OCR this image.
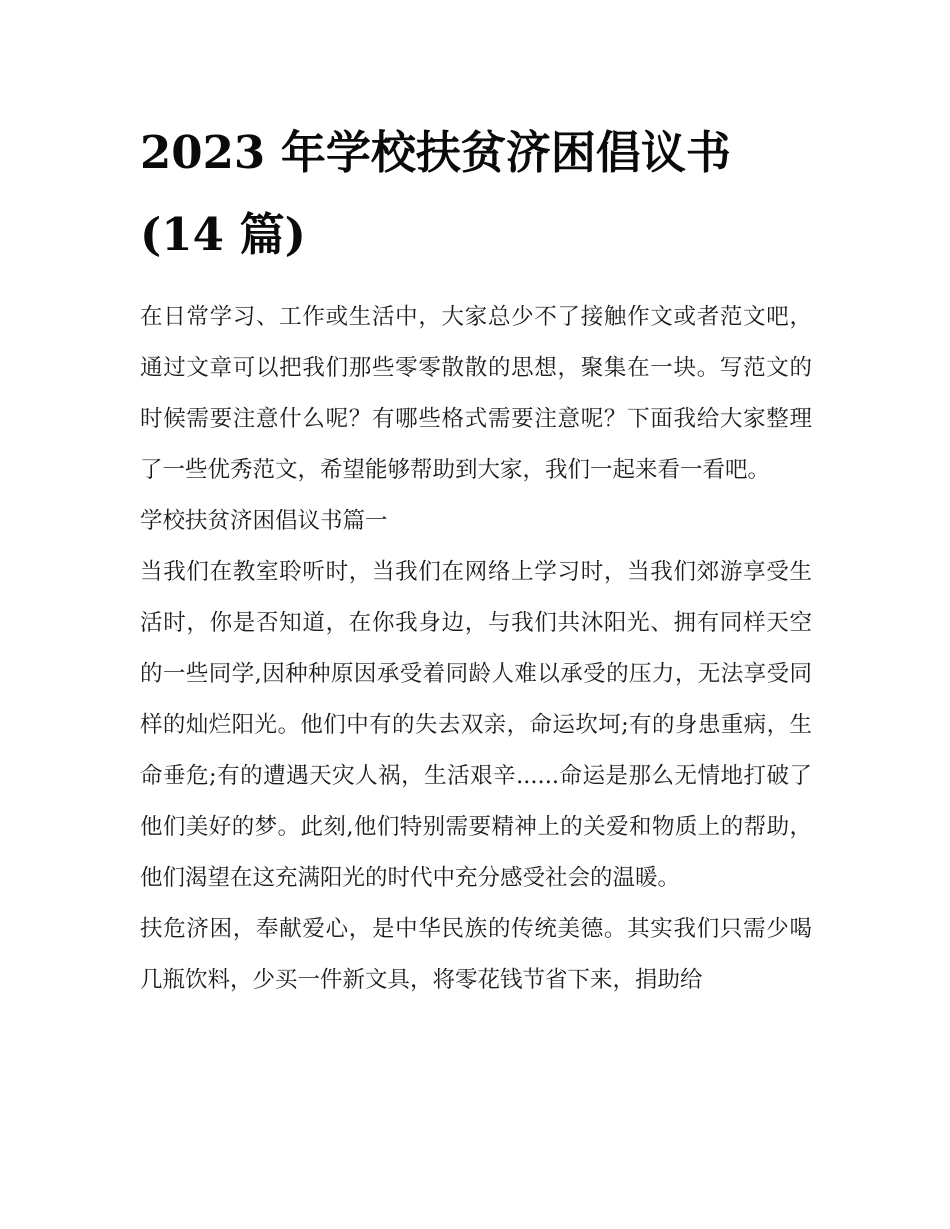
2023 年学校扶贫济困倡议书
(14 篇)

在日常学习、工作或生活中，大家总少不了接触作文或者范文吧，通过文章可以把我们那些零零散散的思想，聚集在一块。写范文的时候需要注意什么呢？有哪些格式需要注意呢？下面我给大家整理了一些优秀范文，希望能够帮助到大家，我们一起来看一看吧。

学校扶贫济困倡议书篇一

当我们在教室聆听时，当我们在网络上学习时，当我们郊游享受生活时，你是否知道，在你我身边，与我们共沐阳光、拥有同样天空的一些同学,因种种原因承受着同龄人难以承受的压力，无法享受同样的灿烂阳光。他们中有的失去双亲，命运坎坷;有的身患重病，生命垂危;有的遭遇天灾人祸，生活艰辛......命运是那么无情地打破了他们美好的梦。此刻,他们特别需要精神上的关爱和物质上的帮助，他们渴望在这充满阳光的时代中充分感受社会的温暖。

扶危济困，奉献爱心，是中华民族的传统美德。其实我们只需少喝几瓶饮料，少买一件新文具，将零花钱节省下来，捐助给
